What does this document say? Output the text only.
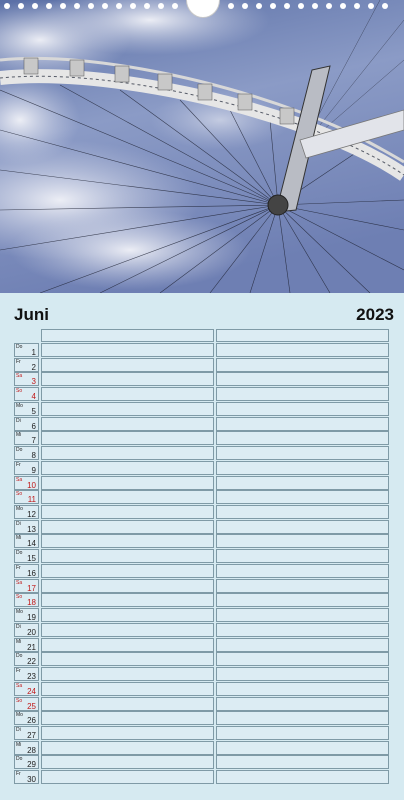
Juni	2023
Do
1
Fr
2
Sa
3
So
4
Mo
5
Di
6
Mi
7
Do
8
Fr
9
Sa
10
So
11
Mo
12
Di
13
Mi
14
Do
15
Fr
16
Sa
17
So
18
Mo
19
Di
20
Mi
21
Do
22
Fr
23
Sa
24
So
25
Mo
26
Di
27
Mi
28
Do
29
Fr
30
